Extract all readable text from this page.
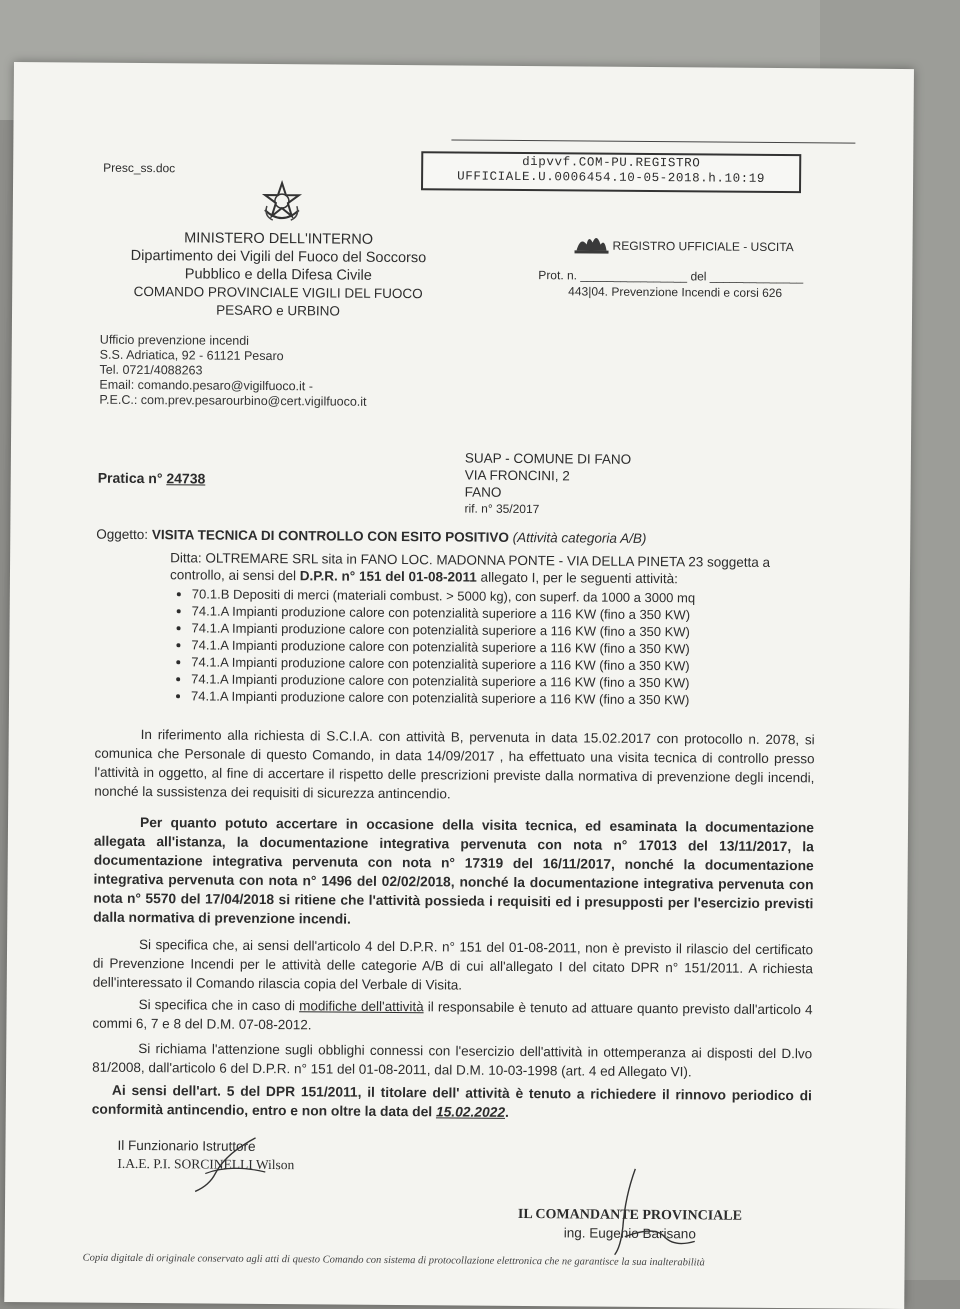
Presc_ss.doc	dipvvf.COM-PU.REGISTRO
UFFICIALE.U.0006454.10-05-2018.h.10:19
MINISTERO DELL'INTERNO
Dipartimento dei Vigili del Fuoco del Soccorso
Pubblico e della Difesa Civile
COMANDO PROVINCIALE VIGILI DEL FUOCO
PESARO e URBINO
REGISTRO UFFICIALE - USCITA
Prot. n. ________________ del ______________
443|04. Prevenzione Incendi e corsi 626
Ufficio prevenzione incendi
S.S. Adriatica, 92 - 61121 Pesaro
Tel. 0721/4088263
Email: comando.pesaro@vigilfuoco.it -
P.E.C.: com.prev.pesarourbino@cert.vigilfuoco.it
SUAP - COMUNE DI FANO
VIA FRONCINI, 2
FANO
rif. n° 35/2017
Pratica n° 24738
Oggetto: VISITA TECNICA DI CONTROLLO CON ESITO POSITIVO (Attività categoria A/B)
Ditta: OLTREMARE SRL sita in FANO LOC. MADONNA PONTE - VIA DELLA PINETA 23 soggetta a controllo, ai sensi del D.P.R. n° 151 del 01-08-2011 allegato I, per le seguenti attività:
• 70.1.B Depositi di merci (materiali combust. > 5000 kg), con superf. da 1000 a 3000 mq
• 74.1.A Impianti produzione calore con potenzialità superiore a 116 KW (fino a 350 KW)
• 74.1.A Impianti produzione calore con potenzialità superiore a 116 KW (fino a 350 KW)
• 74.1.A Impianti produzione calore con potenzialità superiore a 116 KW (fino a 350 KW)
• 74.1.A Impianti produzione calore con potenzialità superiore a 116 KW (fino a 350 KW)
• 74.1.A Impianti produzione calore con potenzialità superiore a 116 KW (fino a 350 KW)
• 74.1.A Impianti produzione calore con potenzialità superiore a 116 KW (fino a 350 KW)
In riferimento alla richiesta di S.C.I.A. con attività B, pervenuta in data 15.02.2017 con protocollo n. 2078, si comunica che Personale di questo Comando, in data 14/09/2017 , ha effettuato una visita tecnica di controllo presso l'attività in oggetto, al fine di accertare il rispetto delle prescrizioni previste dalla normativa di prevenzione degli incendi, nonché la sussistenza dei requisiti di sicurezza antincendio.
Per quanto potuto accertare in occasione della visita tecnica, ed esaminata la documentazione allegata all'istanza, la documentazione integrativa pervenuta con nota n° 17013 del 13/11/2017, la documentazione integrativa pervenuta con nota n° 17319 del 16/11/2017, nonché la documentazione integrativa pervenuta con nota n° 1496 del 02/02/2018, nonché la documentazione integrativa pervenuta con nota n° 5570 del 17/04/2018 si ritiene che l'attività possieda i requisiti ed i presupposti per l'esercizio previsti dalla normativa di prevenzione incendi.
Si specifica che, ai sensi dell'articolo 4 del D.P.R. n° 151 del 01-08-2011, non è previsto il rilascio del certificato di Prevenzione Incendi per le attività delle categorie A/B di cui all'allegato I del citato DPR n° 151/2011. A richiesta dell'interessato il Comando rilascia copia del Verbale di Visita.
Si specifica che in caso di modifiche dell'attività il responsabile è tenuto ad attuare quanto previsto dall'articolo 4 commi 6, 7 e 8 del D.M. 07-08-2012.
Si richiama l'attenzione sugli obblighi connessi con l'esercizio dell'attività in ottemperanza ai disposti del D.lvo 81/2008, dall'articolo 6 del D.P.R. n° 151 del 01-08-2011, dal D.M. 10-03-1998 (art. 4 ed Allegato VI).
Ai sensi dell'art. 5 del DPR 151/2011, il titolare dell' attività è tenuto a richiedere il rinnovo periodico di conformità antincendio, entro e non oltre la data del 15.02.2022.
Il Funzionario Istruttore
I.A.E. P.I. SORCINELLI Wilson
IL COMANDANTE PROVINCIALE
ing. Eugenio Barisano
Copia digitale di originale conservato agli atti di questo Comando con sistema di protocollazione elettronica che ne garantisce la sua inalterabilità
